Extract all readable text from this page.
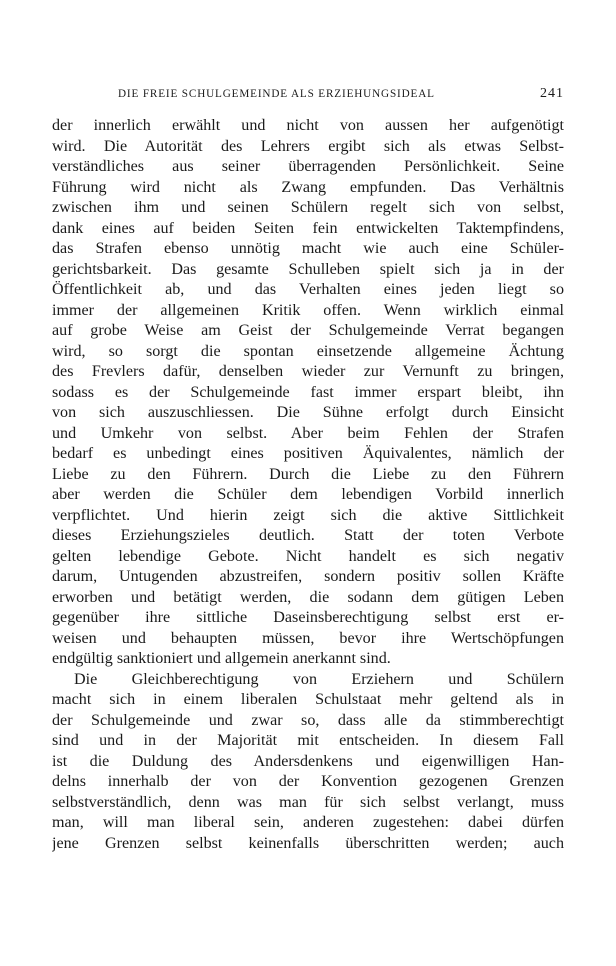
DIE FREIE SCHULGEMEINDE ALS ERZIEHUNGSIDEAL	241
der innerlich erwählt und nicht von aussen her aufgenötigt
wird. Die Autorität des Lehrers ergibt sich als etwas Selbst-
verständliches aus seiner überragenden Persönlichkeit. Seine
Führung wird nicht als Zwang empfunden. Das Verhältnis
zwischen ihm und seinen Schülern regelt sich von selbst,
dank eines auf beiden Seiten fein entwickelten Taktempfindens,
das Strafen ebenso unnötig macht wie auch eine Schüler-
gerichtsbarkeit. Das gesamte Schulleben spielt sich ja in der
Öffentlichkeit ab, und das Verhalten eines jeden liegt so
immer der allgemeinen Kritik offen. Wenn wirklich einmal
auf grobe Weise am Geist der Schulgemeinde Verrat begangen
wird, so sorgt die spontan einsetzende allgemeine Ächtung
des Frevlers dafür, denselben wieder zur Vernunft zu bringen,
sodass es der Schulgemeinde fast immer erspart bleibt, ihn
von sich auszuschliessen. Die Sühne erfolgt durch Einsicht
und Umkehr von selbst. Aber beim Fehlen der Strafen
bedarf es unbedingt eines positiven Äquivalentes, nämlich der
Liebe zu den Führern. Durch die Liebe zu den Führern
aber werden die Schüler dem lebendigen Vorbild innerlich
verpflichtet. Und hierin zeigt sich die aktive Sittlichkeit
dieses Erziehungszieles deutlich. Statt der toten Verbote
gelten lebendige Gebote. Nicht handelt es sich negativ
darum, Untugenden abzustreifen, sondern positiv sollen Kräfte
erworben und betätigt werden, die sodann dem gütigen Leben
gegenüber ihre sittliche Daseinsberechtigung selbst erst er-
weisen und behaupten müssen, bevor ihre Wertschöpfungen
endgültig sanktioniert und allgemein anerkannt sind.
Die Gleichberechtigung von Erziehern und Schülern
macht sich in einem liberalen Schulstaat mehr geltend als in
der Schulgemeinde und zwar so, dass alle da stimmberechtigt
sind und in der Majorität mit entscheiden. In diesem Fall
ist die Duldung des Andersdenkens und eigenwilligen Han-
delns innerhalb der von der Konvention gezogenen Grenzen
selbstverständlich, denn was man für sich selbst verlangt, muss
man, will man liberal sein, anderen zugestehen: dabei dürfen
jene Grenzen selbst keinenfalls überschritten werden; auch
